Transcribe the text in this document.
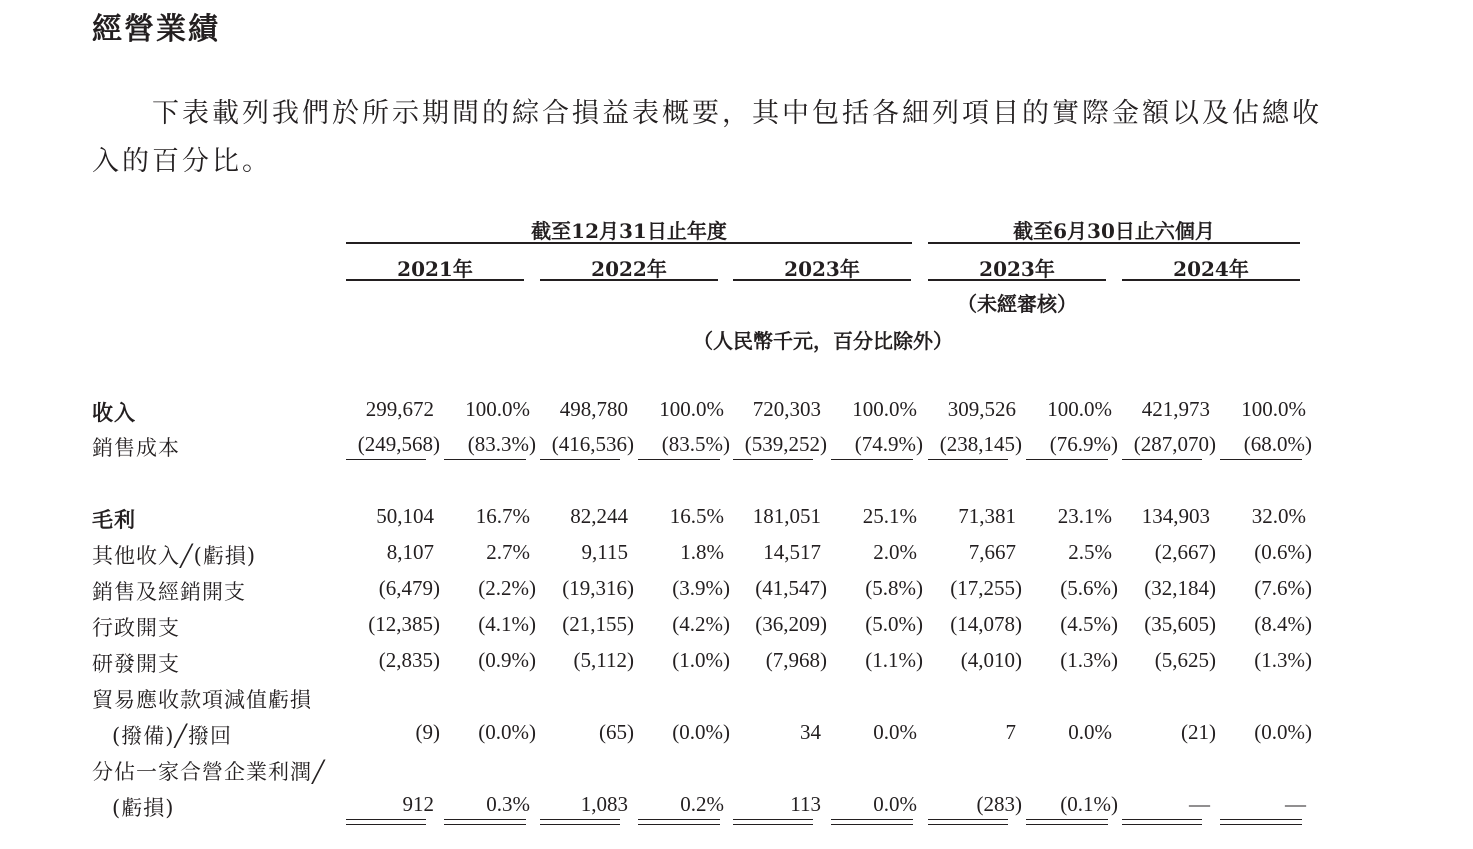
經營業績
下表載列我們於所示期間的綜合損益表概要，其中包括各細列項目的實際金額以及佔總收入的百分比。
截至12月31日止年度	截至6月30日止六個月
2021年	2022年	2023年	2023年	2024年
（未經審核）
（人民幣千元，百分比除外）
收入	299,672	100.0%	498,780	100.0%	720,303	100.0%	309,526	100.0%	421,973	100.0%
銷售成本	(249,568)	(83.3%) (416,536)	(83.5%) (539,252)	(74.9%) (238,145)	(76.9%) (287,070)	(68.0%)
毛利	50,104	16.7%	82,244	16.5%	181,051	25.1%	71,381	23.1%	134,903	32.0%
其他收入╱(虧損)	8,107	2.7%	9,115	1.8%	14,517	2.0%	7,667	2.5%	(2,667)	(0.6%)
銷售及經銷開支	(6,479)	(2.2%)	(19,316)	(3.9%)	(41,547)	(5.8%)	(17,255)	(5.6%)	(32,184)	(7.6%)
行政開支	(12,385)	(4.1%)	(21,155)	(4.2%)	(36,209)	(5.0%)	(14,078)	(4.5%)	(35,605)	(8.4%)
研發開支	(2,835)	(0.9%)	(5,112)	(1.0%)	(7,968)	(1.1%)	(4,010)	(1.3%)	(5,625)	(1.3%)
貿易應收款項減值虧損
(撥備)╱撥回	(9)	(0.0%)	(65)	(0.0%)	34	0.0%	7	0.0%	(21)	(0.0%)
分佔一家合營企業利潤╱
(虧損)	912	0.3%	1,083	0.2%	113	0.0%	(283)	(0.1%)	—	—
